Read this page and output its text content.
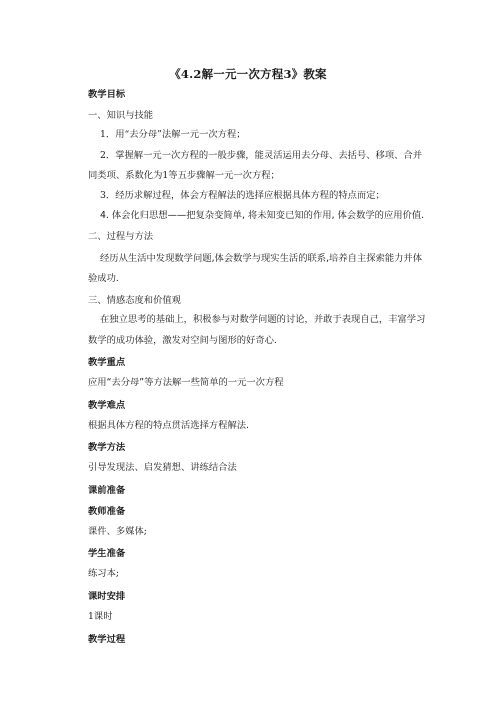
《4.2解一元一次方程3》教案
教学目标
一、知识与技能
1．用“去分母”法解一元一次方程；
2．掌握解一元一次方程的一般步骤，能灵活运用去分母、去括号、移项、合并
同类项、系数化为1等五步骤解一元一次方程；
3．经历求解过程，体会方程解法的选择应根据具体方程的特点而定；
4. 体会化归思想——把复杂变简单, 将未知变已知的作用, 体会数学的应用价值.
二、过程与方法
经历从生活中发现数学问题,体会数学与现实生活的联系,培养自主探索能力并体
验成功.
三、情感态度和价值观
在独立思考的基础上，积极参与对数学问题的讨论，并敢于表现自己，丰富学习
数学的成功体验，激发对空间与图形的好奇心.
教学重点
应用“去分母”等方法解一些简单的一元一次方程
教学难点
根据具体方程的特点贯活选择方程解法.
教学方法
引导发现法、启发猜想、讲练结合法
课前准备
教师准备
课件、多媒体;
学生准备
练习本;
课时安排
1课时
教学过程
